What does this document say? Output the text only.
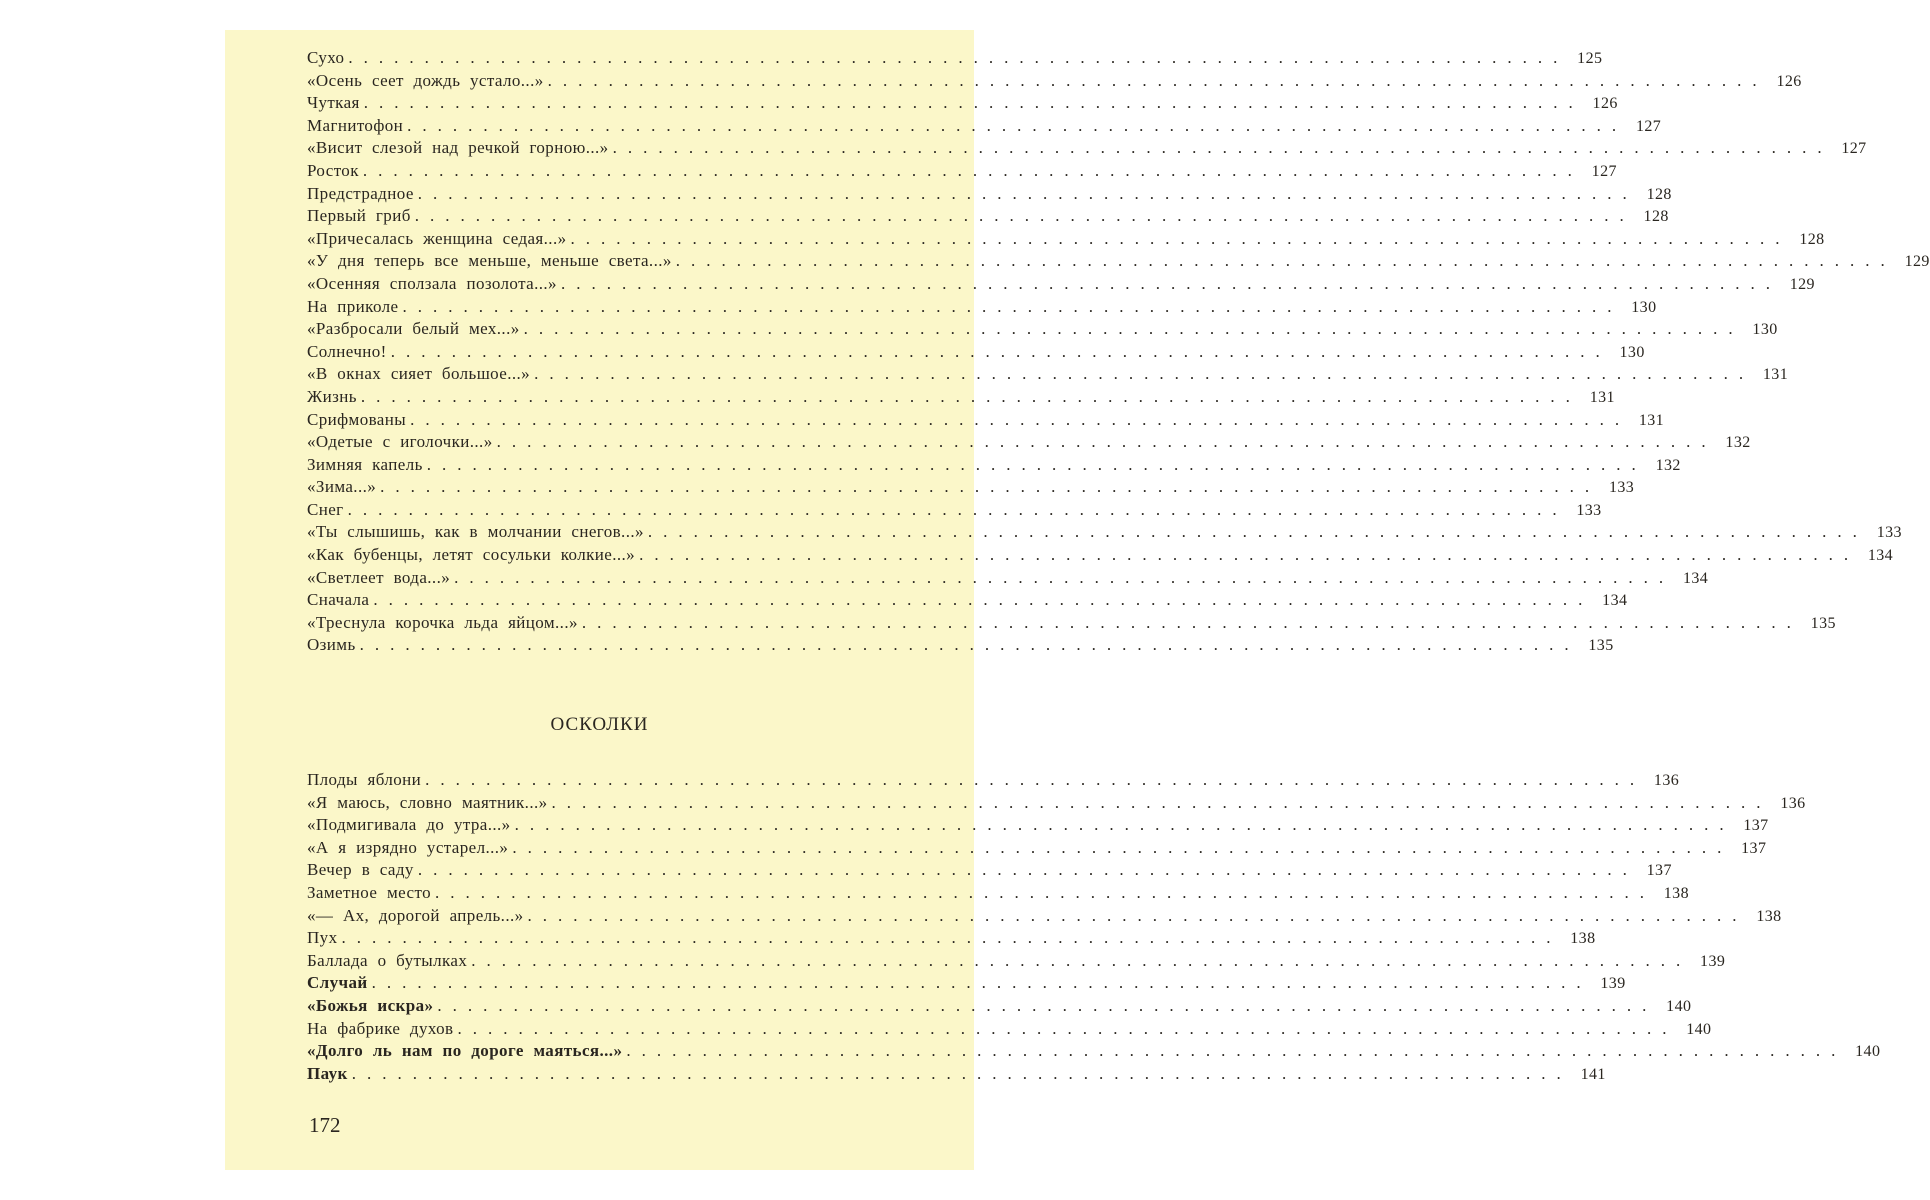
Сухо ................................................................................ 125
«Осень сеет дождь устало...» ................................................................................ 126
Чуткая ................................................................................ 126
Магнитофон ................................................................................ 127
«Висит слезой над речкой горною...» ................................................................................ 127
Росток ................................................................................ 127
Предстрадное ................................................................................ 128
Первый гриб ................................................................................ 128
«Причесалась женщина седая...» ................................................................................ 128
«У дня теперь все меньше, меньше света...» ................................................................................ 129
«Осенняя сползала позолота...» ................................................................................ 129
На приколе ................................................................................ 130
«Разбросали белый мех...» ................................................................................ 130
Солнечно! ................................................................................ 130
«В окнах сияет большое...» ................................................................................ 131
Жизнь ................................................................................ 131
Срифмованы ................................................................................ 131
«Одетые с иголочки...» ................................................................................ 132
Зимняя капель ................................................................................ 132
«Зима...» ................................................................................ 133
Снег ................................................................................ 133
«Ты слышишь, как в молчании снегов...» ................................................................................ 133
«Как бубенцы, летят сосульки колкие...» ................................................................................ 134
«Светлеет вода...» ................................................................................ 134
Сначала ................................................................................ 134
«Треснула корочка льда яйцом...» ................................................................................ 135
Озимь ................................................................................ 135
ОСКОЛКИ
Плоды яблони ................................................................................ 136
«Я маюсь, словно маятник...» ................................................................................ 136
«Подмигивала до утра...» ................................................................................ 137
«А я изрядно устарел...» ................................................................................ 137
Вечер в саду ................................................................................ 137
Заметное место ................................................................................ 138
«— Ах, дорогой апрель...» ................................................................................ 138
Пух ................................................................................ 138
Баллада о бутылках ................................................................................ 139
Случай ................................................................................ 139
«Божья искра» ................................................................................ 140
На фабрике духов ................................................................................ 140
«Долго ль нам по дороге маяться...» ................................................................................ 140
Паук ................................................................................ 141
172
